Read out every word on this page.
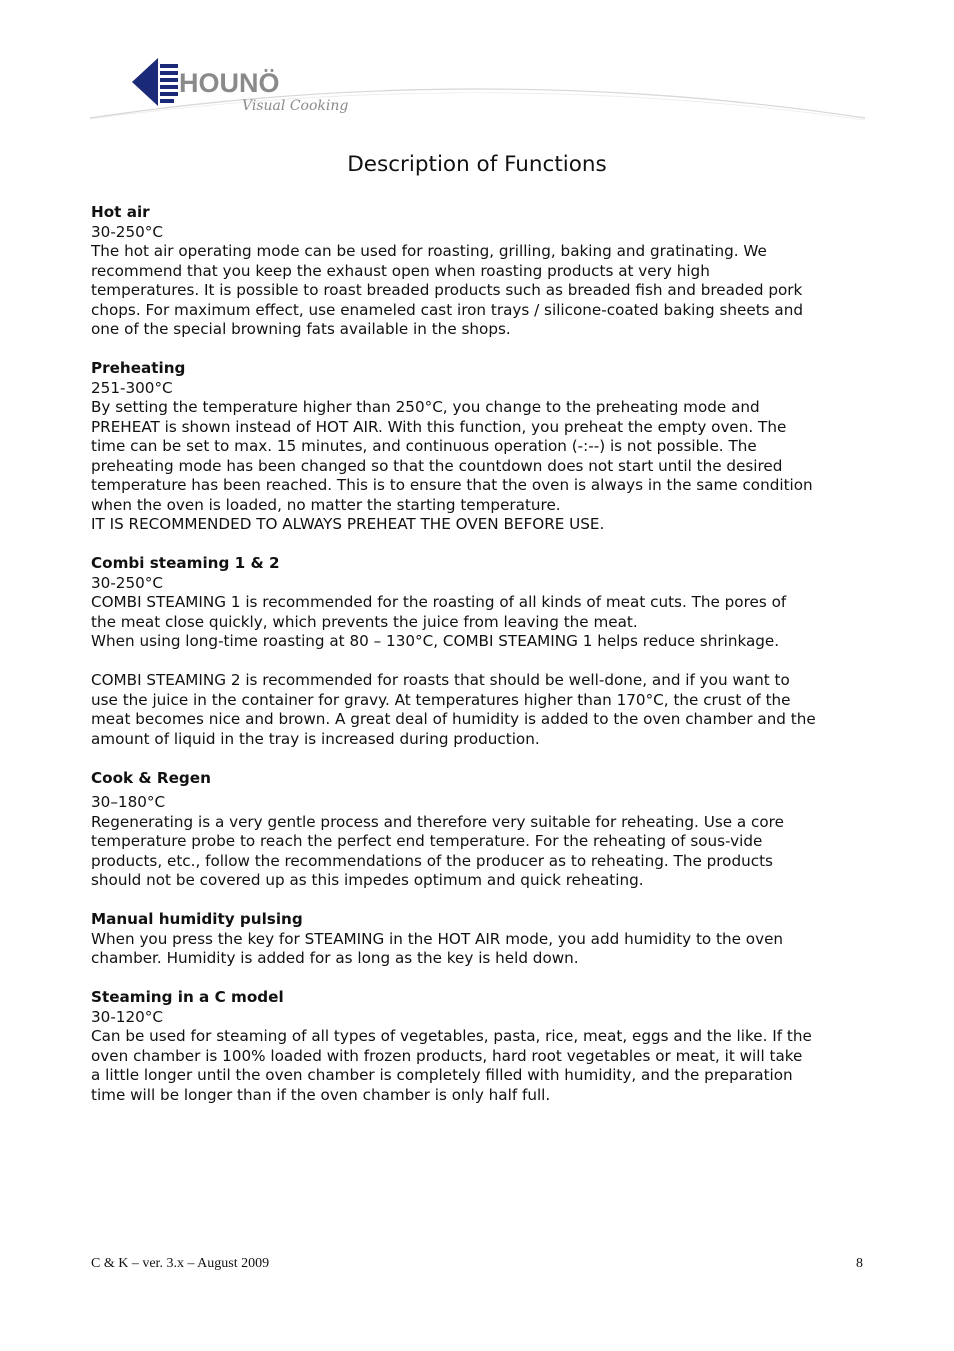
HOUNÖ
Visual Cooking
Description of Functions
Hot air

30-250°C

The hot air operating mode can be used for roasting, grilling, baking and gratinating. We

recommend that you keep the exhaust open when roasting products at very high

temperatures. It is possible to roast breaded products such as breaded fish and breaded pork

chops. For maximum effect, use enameled cast iron trays / silicone-coated baking sheets and

one of the special browning fats available in the shops.

Preheating

251-300°C

By setting the temperature higher than 250°C, you change to the preheating mode and

PREHEAT is shown instead of HOT AIR. With this function, you preheat the empty oven. The

time can be set to max. 15 minutes, and continuous operation (-:--) is not possible. The

preheating mode has been changed so that the countdown does not start until the desired

temperature has been reached. This is to ensure that the oven is always in the same condition

when the oven is loaded, no matter the starting temperature.

IT IS RECOMMENDED TO ALWAYS PREHEAT THE OVEN BEFORE USE.

Combi steaming 1 & 2

30-250°C

COMBI STEAMING 1 is recommended for the roasting of all kinds of meat cuts. The pores of

the meat close quickly, which prevents the juice from leaving the meat.

When using long-time roasting at 80 – 130°C, COMBI STEAMING 1 helps reduce shrinkage.

COMBI STEAMING 2 is recommended for roasts that should be well-done, and if you want to

use the juice in the container for gravy. At temperatures higher than 170°C, the crust of the

meat becomes nice and brown. A great deal of humidity is added to the oven chamber and the

amount of liquid in the tray is increased during production.

Cook & Regen

30–180°C

Regenerating is a very gentle process and therefore very suitable for reheating. Use a core

temperature probe to reach the perfect end temperature. For the reheating of sous-vide

products, etc., follow the recommendations of the producer as to reheating. The products

should not be covered up as this impedes optimum and quick reheating.

Manual humidity pulsing

When you press the key for STEAMING in the HOT AIR mode, you add humidity to the oven

chamber. Humidity is added for as long as the key is held down.

Steaming in a C model

30-120°C

Can be used for steaming of all types of vegetables, pasta, rice, meat, eggs and the like. If the

oven chamber is 100% loaded with frozen products, hard root vegetables or meat, it will take

a little longer until the oven chamber is completely filled with humidity, and the preparation

time will be longer than if the oven chamber is only half full.

C & K – ver. 3.x – August 2009	8
